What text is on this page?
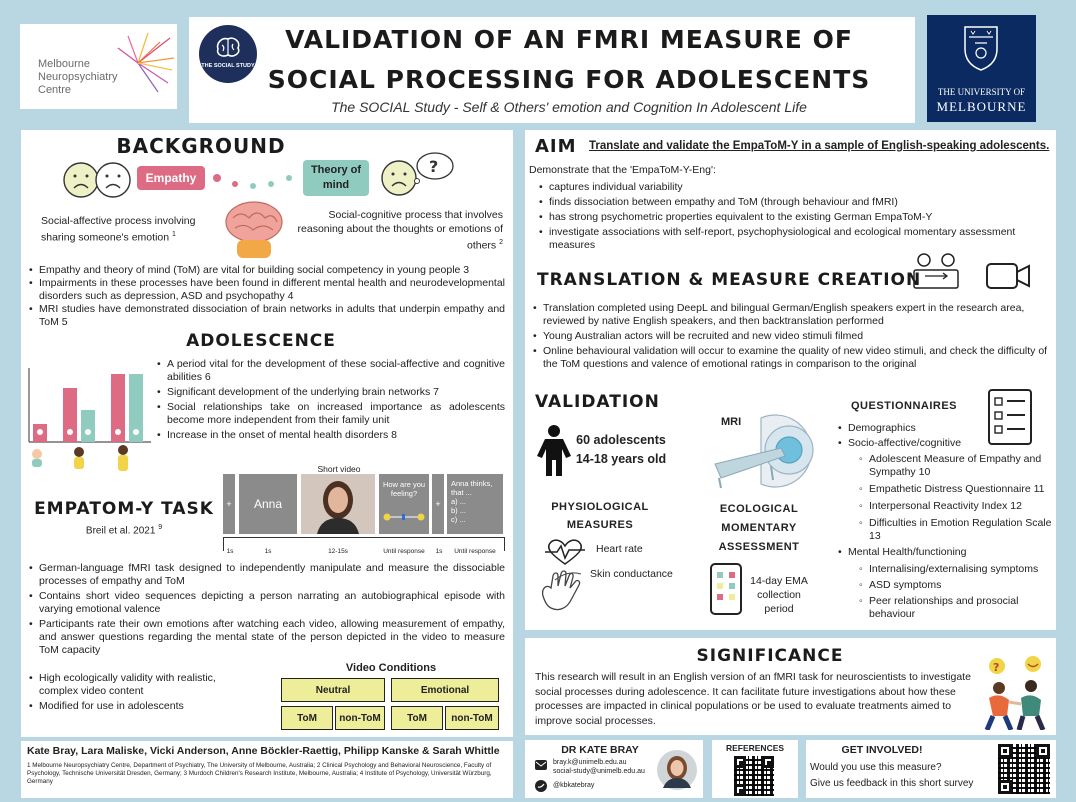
Melbourne Neuropsychiatry Centre
THE SOCIAL STUDY
VALIDATION OF AN FMRI MEASURE OF
SOCIAL PROCESSING FOR ADOLESCENTS
The SOCIAL Study - Self & Others' emotion and Cognition In Adolescent Life
THE UNIVERSITY OF
MELBOURNE
BACKGROUND
Empathy
Theory of mind
?
Social-affective process involving sharing someone's emotion $^1$
Social-cognitive process that involves reasoning about the thoughts or emotions of others $^2$
• Empathy and theory of mind (ToM) are vital for building social competency in young people 3
• Impairments in these processes have been found in different mental health and neurodevelopmental disorders such as depression, ASD and psychopathy 4
• MRI studies have demonstrated dissociation of brain networks in adults that underpin empathy and ToM 5
ADOLESCENCE
• A period vital for the development of these social-affective and cognitive abilities 6
• Significant development of the underlying brain networks 7
• Social relationships take on increased importance as adolescents become more independent from their family unit
• Increase in the onset of mental health disorders 8
EMPATOM-Y TASK
Breil et al. 2021 $^9$
Short video
+	Anna
How are you feeling?
+
Anna thinks, that ...
a) ...
b) ...
c) ...
1s	1s	12-15s	Until response	1s	Until response
• German-language fMRI task designed to independently manipulate and measure the dissociable processes of empathy and ToM
• Contains short video sequences depicting a person narrating an autobiographical episode with varying emotional valence
• Participants rate their own emotions after watching each video, allowing measurement of empathy, and answer questions regarding the mental state of the person depicted in the video to measure ToM capacity
• High ecologically validity with realistic, complex video content
• Modified for use in adolescents
Video Conditions
Neutral	Emotional
ToM	non-ToM	ToM	non-ToM
Kate Bray, Lara Maliske, Vicki Anderson, Anne Böckler-Raettig, Philipp Kanske & Sarah Whittle
1 Melbourne Neuropsychiatry Centre, Department of Psychiatry, The University of Melbourne, Australia; 2 Clinical Psychology and Behavioral Neuroscience, Faculty of Psychology, Technische Universität Dresden, Germany; 3 Murdoch Children's Research Institute, Melbourne, Australia; 4 Institute of Psychology, Universität Würzburg, Germany
AIM Translate and validate the EmpaToM-Y in a sample of English-speaking adolescents.
Demonstrate that the 'EmpaToM-Y-Eng':
• captures individual variability
• finds dissociation between empathy and ToM (through behaviour and fMRI)
• has strong psychometric properties equivalent to the existing German EmpaToM-Y
• investigate associations with self-report, psychophysiological and ecological momentary assessment measures
TRANSLATION & MEASURE CREATION
• Translation completed using DeepL and bilingual German/English speakers expert in the research area, reviewed by native English speakers, and then backtranslation performed
• Young Australian actors will be recruited and new video stimuli filmed
• Online behavioural validation will occur to examine the quality of new video stimuli, and check the difficulty of the ToM questions and valence of emotional ratings in comparison to the original
VALIDATION
60 adolescents
14-18 years old
MRI
PHYSIOLOGICAL MEASURES
Heart rate
Skin conductance
ECOLOGICAL MOMENTARY ASSESSMENT
14-day EMA collection period
QUESTIONNAIRES
• Demographics
• Socio-affective/cognitive
◦ Adolescent Measure of Empathy and Sympathy 10
◦ Empathetic Distress Questionnaire 11
◦ Interpersonal Reactivity Index 12
◦ Difficulties in Emotion Regulation Scale 13
• Mental Health/functioning
◦ Internalising/externalising symptoms
◦ ASD symptoms
◦ Peer relationships and prosocial behaviour
SIGNIFICANCE
This research will result in an English version of an fMRI task for neuroscientists to investigate social processes during adolescence. It can facilitate future investigations about how these processes are impacted in clinical populations or be used to evaluate treatments aimed to improve social processes.
?
DR KATE BRAY
bray.k@unimelb.edu.au
social-study@unimelb.edu.au
@kbkatebray
REFERENCES	GET INVOLVED!
Would you use this measure?
Give us feedback in this short survey
